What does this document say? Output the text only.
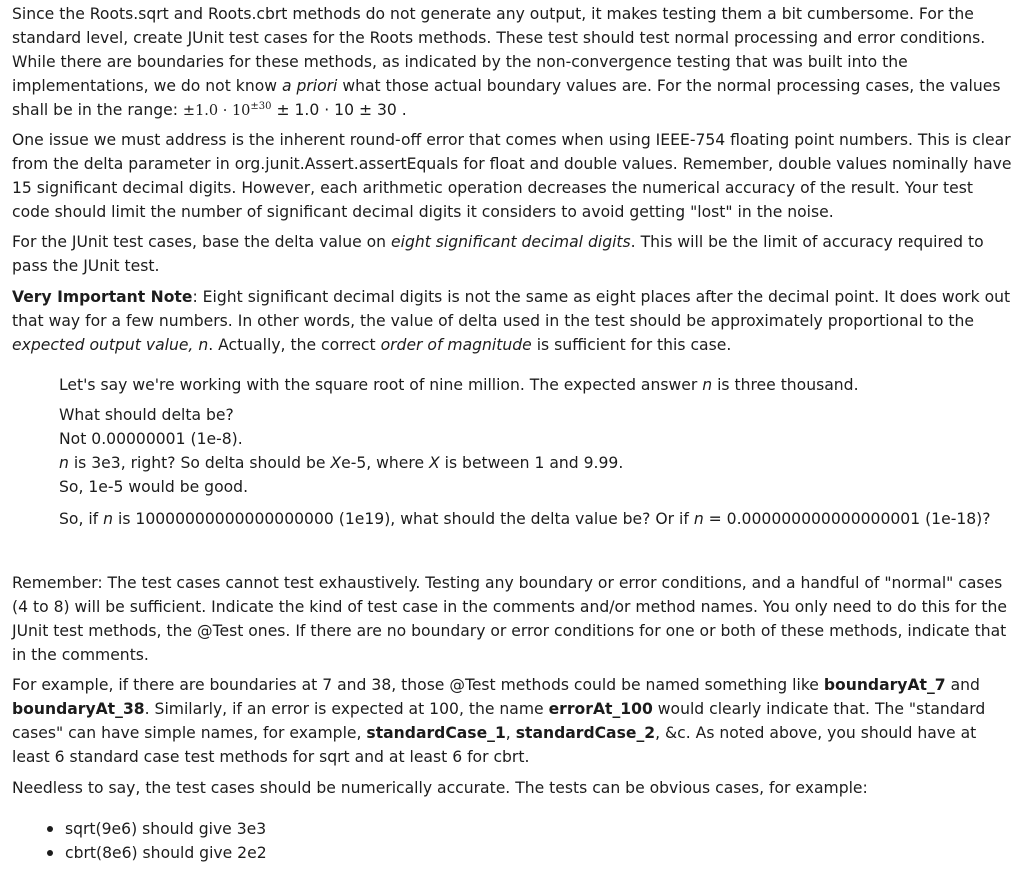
Since the Roots.sqrt and Roots.cbrt methods do not generate any output, it makes testing them a bit cumbersome. For the standard level, create JUnit test cases for the Roots methods. These test should test normal processing and error conditions. While there are boundaries for these methods, as indicated by the non-convergence testing that was built into the implementations, we do not know a priori what those actual boundary values are. For the normal processing cases, the values shall be in the range: $\pm 1.0 \cdot 10^{\pm 30} \pm 1.0 \cdot 10 \pm 30$ .

One issue we must address is the inherent round-off error that comes when using IEEE-754 floating point numbers. This is clear from the delta parameter in org.junit.Assert.assertEquals for float and double values. Remember, double values nominally have 15 significant decimal digits. However, each arithmetic operation decreases the numerical accuracy of the result. Your test code should limit the number of significant decimal digits it considers to avoid getting "lost" in the noise.

For the JUnit test cases, base the delta value on eight significant decimal digits. This will be the limit of accuracy required to pass the JUnit test.

Very Important Note: Eight significant decimal digits is not the same as eight places after the decimal point. It does work out that way for a few numbers. In other words, the value of delta used in the test should be approximately proportional to the expected output value, n. Actually, the correct order of magnitude is sufficient for this case.

Let's say we're working with the square root of nine million. The expected answer n is three thousand.

What should delta be?
Not 0.00000001 (1e-8).
n is 3e3, right? So delta should be Xe-5, where X is between 1 and 9.99.
So, 1e-5 would be good.

So, if n is 10000000000000000000 (1e19), what should the delta value be? Or if n = 0.000000000000000001 (1e-18)?

Remember: The test cases cannot test exhaustively. Testing any boundary or error conditions, and a handful of "normal" cases (4 to 8) will be sufficient. Indicate the kind of test case in the comments and/or method names. You only need to do this for the JUnit test methods, the @Test ones. If there are no boundary or error conditions for one or both of these methods, indicate that in the comments.

For example, if there are boundaries at 7 and 38, those @Test methods could be named something like boundaryAt_7 and boundaryAt_38. Similarly, if an error is expected at 100, the name errorAt_100 would clearly indicate that. The "standard cases" can have simple names, for example, standardCase_1, standardCase_2, &c. As noted above, you should have at least 6 standard case test methods for sqrt and at least 6 for cbrt.

Needless to say, the test cases should be numerically accurate. The tests can be obvious cases, for example:

sqrt(9e6) should give 3e3
cbrt(8e6) should give 2e2
